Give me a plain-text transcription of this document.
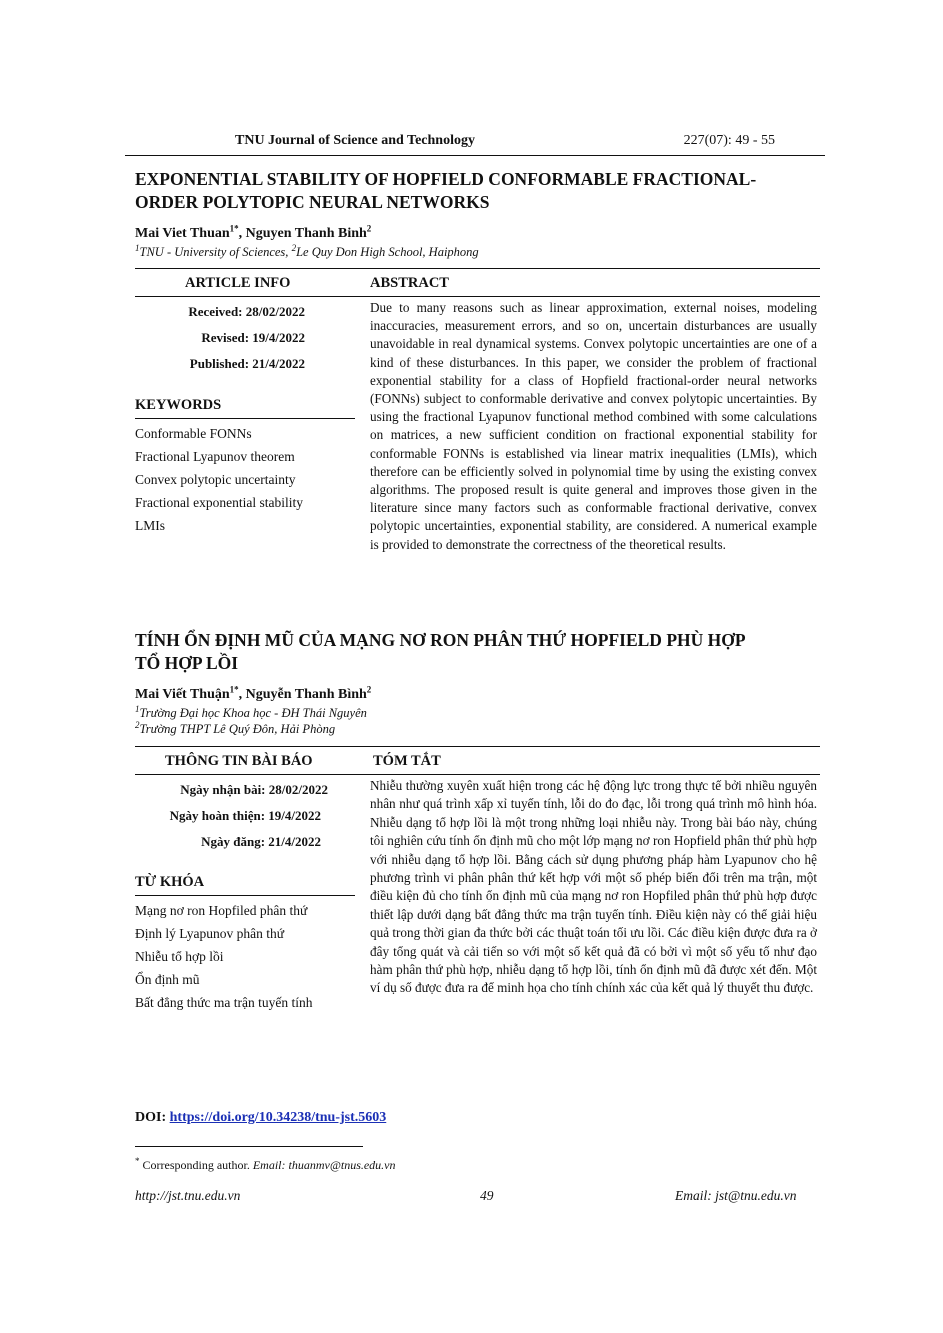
TNU Journal of Science and Technology	227(07): 49 - 55
EXPONENTIAL STABILITY OF HOPFIELD CONFORMABLE FRACTIONAL-
ORDER POLYTOPIC NEURAL NETWORKS
Mai Viet Thuan$^{1*}$, Nguyen Thanh Binh$^2$
$^1$TNU - University of Sciences, $^2$Le Quy Don High School, Haiphong
ARTICLE INFO	ABSTRACT
Received: 28/02/2022
Revised: 19/4/2022
Published: 21/4/2022
KEYWORDS
Conformable FONNs
Fractional Lyapunov theorem
Convex polytopic uncertainty
Fractional exponential stability
LMIs

Due to many reasons such as linear approximation, external noises, modeling inaccuracies, measurement errors, and so on, uncertain disturbances are usually unavoidable in real dynamical systems. Convex polytopic uncertainties are one of a kind of these disturbances. In this paper, we consider the problem of fractional exponential stability for a class of Hopfield fractional-order neural networks (FONNs) subject to conformable derivative and convex polytopic uncertainties. By using the fractional Lyapunov functional method combined with some calculations on matrices, a new sufficient condition on fractional exponential stability for conformable FONNs is established via linear matrix inequalities (LMIs), which therefore can be efficiently solved in polynomial time by using the existing convex algorithms. The proposed result is quite general and improves those given in the literature since many factors such as conformable fractional derivative, convex polytopic uncertainties, exponential stability, are considered. A numerical example is provided to demonstrate the correctness of the theoretical results.

TÍNH ỔN ĐỊNH MŨ CỦA MẠNG NƠ RON PHÂN THỨ HOPFIELD PHÙ HỢP
TỔ HỢP LỒI
Mai Viết Thuận$^{1*}$, Nguyễn Thanh Bình$^2$
$^1$Trường Đại học Khoa học - ĐH Thái Nguyên
$^2$Trường THPT Lê Quý Đôn, Hải Phòng
THÔNG TIN BÀI BÁO	TÓM TẮT
Ngày nhận bài: 28/02/2022
Ngày hoàn thiện: 19/4/2022
Ngày đăng: 21/4/2022
TỪ KHÓA
Mạng nơ ron Hopfiled phân thứ
Định lý Lyapunov phân thứ
Nhiễu tổ hợp lồi
Ổn định mũ
Bất đẳng thức ma trận tuyến tính

Nhiễu thường xuyên xuất hiện trong các hệ động lực trong thực tế bởi nhiều nguyên nhân như quá trình xấp xỉ tuyến tính, lỗi do đo đạc, lỗi trong quá trình mô hình hóa. Nhiễu dạng tổ hợp lồi là một trong những loại nhiễu này. Trong bài báo này, chúng tôi nghiên cứu tính ổn định mũ cho một lớp mạng nơ ron Hopfield phân thứ phù hợp với nhiễu dạng tổ hợp lồi. Bằng cách sử dụng phương pháp hàm Lyapunov cho hệ phương trình vi phân phân thứ kết hợp với một số phép biến đổi trên ma trận, một điều kiện đủ cho tính ổn định mũ của mạng nơ ron Hopfiled phân thứ phù hợp được thiết lập dưới dạng bất đẳng thức ma trận tuyến tính. Điều kiện này có thể giải hiệu quả trong thời gian đa thức bởi các thuật toán tối ưu lồi. Các điều kiện được đưa ra ở đây tổng quát và cải tiến so với một số kết quả đã có bởi vì một số yếu tố như đạo hàm phân thứ phù hợp, nhiễu dạng tổ hợp lồi, tính ổn định mũ đã được xét đến. Một ví dụ số được đưa ra để minh họa cho tính chính xác của kết quả lý thuyết thu được.

DOI: https://doi.org/10.34238/tnu-jst.5603
* Corresponding author. Email: thuanmv@tnus.edu.vn
http://jst.tnu.edu.vn	49	Email: jst@tnu.edu.vn
